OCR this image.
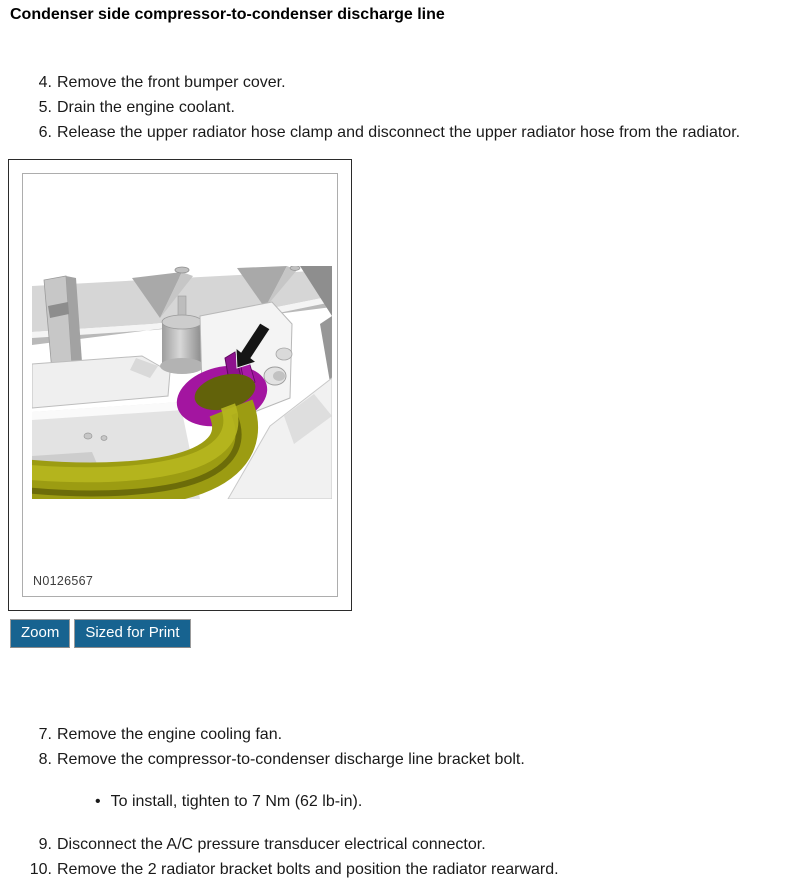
Condenser side compressor-to-condenser discharge line
4. Remove the front bumper cover.
5. Drain the engine coolant.
6. Release the upper radiator hose clamp and disconnect the upper radiator hose from the radiator.
N0126567
Zoom	Sized for Print
7. Remove the engine cooling fan.
8. Remove the compressor-to-condenser discharge line bracket bolt.
• To install, tighten to 7 Nm (62 lb-in).
9. Disconnect the A/C pressure transducer electrical connector.
10. Remove the 2 radiator bracket bolts and position the radiator rearward.
